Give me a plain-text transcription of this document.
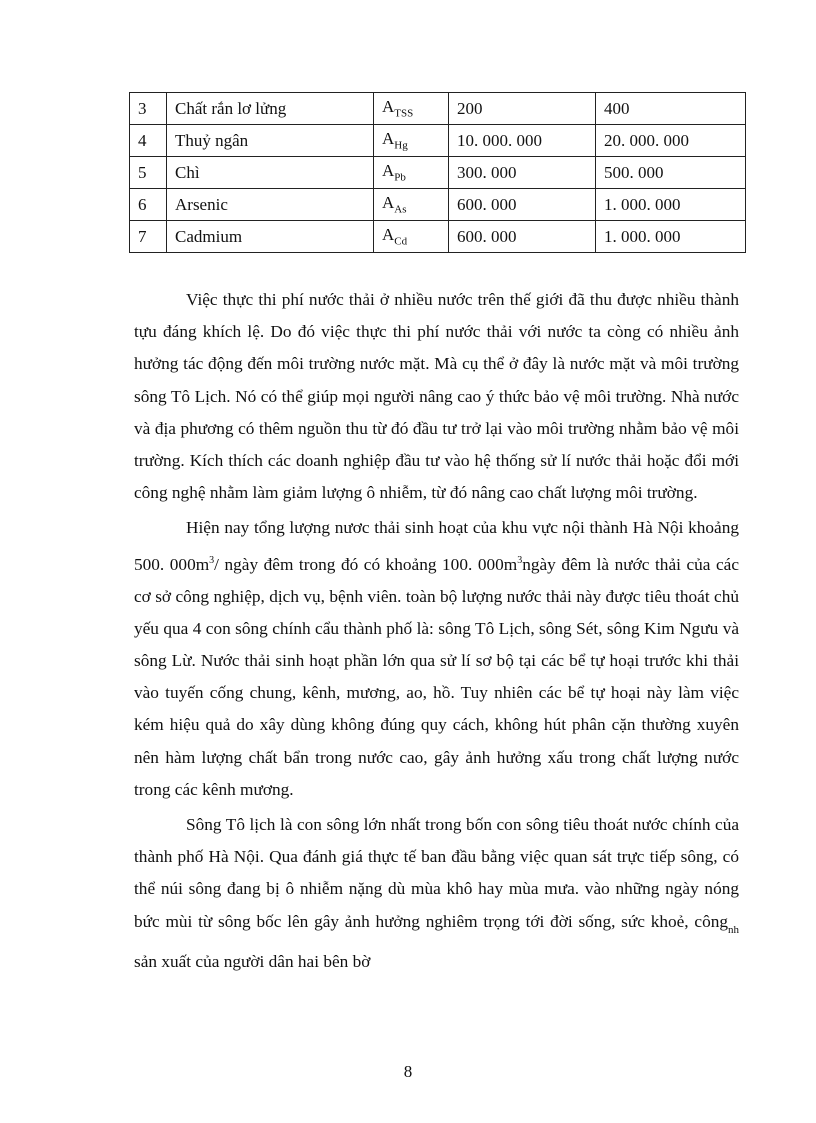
3	Chất rắn lơ lửng	$A_{TSS}$	200	400
4	Thuỷ ngân	$A_{Hg}$	10. 000. 000	20. 000. 000
5	Chì	$A_{Pb}$	300. 000	500. 000
6	Arsenic	$A_{As}$	600. 000	1. 000. 000
7	Cadmium	$A_{Cd}$	600. 000	1. 000. 000

Việc thực thi phí nước thải ở nhiều nước trên thế giới đã thu được nhiều thành tựu đáng khích lệ. Do đó việc thực thi phí nước thải với nước ta còng có nhiều ảnh hưởng tác động đến môi trường nước mặt. Mà cụ thể ở đây là nước mặt và môi trường sông Tô Lịch. Nó có thể giúp mọi người nâng cao ý thức bảo vệ môi trường. Nhà nước và địa phương có thêm nguồn thu từ đó đầu tư trở lại vào môi trường nhằm bảo vệ môi trường. Kích thích các doanh nghiệp đầu tư vào hệ thống sử lí nước thải hoặc đổi mới công nghệ nhằm làm giảm lượng ô nhiễm, từ đó nâng cao chất lượng môi trường.

Hiện nay tổng lượng nươc thải sinh hoạt của khu vực nội thành Hà Nội khoảng 500. $000m^3/$ ngày đêm trong đó có khoảng 100. $000m^3ngày$ đêm là nước thải của các cơ sở công nghiệp, dịch vụ, bệnh viên. toàn bộ lượng nước thải này được tiêu thoát chủ yếu qua 4 con sông chính cẩu thành phố là: sông Tô Lịch, sông Sét, sông Kim Ngưu và sông Lừ. Nước thải sinh hoạt phần lớn qua sử lí sơ bộ tại các bể tự hoại trước khi thải vào tuyến cống chung, kênh, mương, ao, hồ. Tuy nhiên các bể tự hoại này làm việc kém hiệu quả do xây dùng không đúng quy cách, không hút phân cặn thường xuyên nên hàm lượng chất bẩn trong nước cao, gây ảnh hưởng xấu trong chất lượng nước trong các kênh mương.

Sông Tô lịch là con sông lớn nhất trong bốn con sông tiêu thoát nước chính của thành phố Hà Nội. Qua đánh giá thực tế ban đầu bằng việc quan sát trực tiếp sông, có thể núi sông đang bị ô nhiễm nặng dù mùa khô hay mùa mưa. vào những ngày nóng bức mùi từ sông bốc lên gây ảnh hưởng nghiêm trọng tới đời sống, sức khoẻ, công$_{nh}$ sản xuất của người dân hai bên bờ

8
